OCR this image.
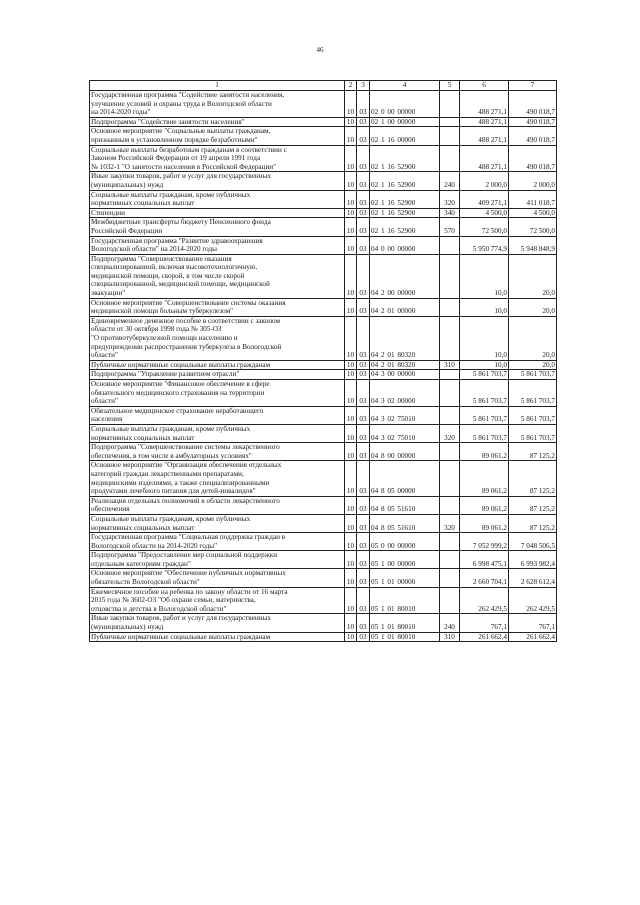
46
1	2	3	4	5	6	7
Государственная программа "Содействие занятости населения,
улучшение условий и охраны труда в Вологодской области
на 2014-2020 годы"	10	03	02 0 00 00000		488 271,1	490 018,7
Подпрограмма "Содействие занятости населения"	10	03	02 1 00 00000		488 271,1	490 018,7
Основное мероприятие "Социальные выплаты гражданам,
признанным в установленном порядке безработными"	10	03	02 1 16 00000		488 271,1	490 018,7
Социальные выплаты безработным гражданам в соответствии с
Законом Российской Федерации от 19 апреля 1991 года
№ 1032-1 "О занятости населения в Российской Федерации"	10	03	02 1 16 52900		488 271,1	490 018,7
Иные закупки товаров, работ и услуг для государственных
(муниципальных) нужд	10	03	02 1 16 52900	240	2 000,0	2 000,0
Социальные выплаты гражданам, кроме публичных
нормативных социальных выплат	10	03	02 1 16 52900	320	409 271,1	411 018,7
Стипендии	10	03	02 1 16 52900	340	4 500,0	4 500,0
Межбюджетные трансферты бюджету Пенсионного фонда
Российской Федерации	10	03	02 1 16 52900	570	72 500,0	72 500,0
Государственная программа "Развитие здравоохранения
Вологодской области" на 2014-2020 годы	10	03	04 0 00 00000		5 950 774,9	5 948 848,9
Подпрограмма "Совершенствование оказания
специализированной, включая высокотехнологичную,
медицинской помощи, скорой, в том числе скорой
специализированной, медицинской помощи, медицинской
эвакуации"	10	03	04 2 00 00000		10,0	20,0
Основное мероприятие "Совершенствование системы оказания
медицинской помощи больным туберкулезом"	10	03	04 2 01 00000		10,0	20,0
Единовременное денежное пособие в соответствии с законом
области от 30 октября 1998 года № 305-ОЗ
"О противотуберкулезной помощи населению и
предупреждении распространения туберкулеза в Вологодской
области"	10	03	04 2 01 80320		10,0	20,0
Публичные нормативные социальные выплаты гражданам	10	03	04 2 01 80320	310	10,0	20,0
Подпрограмма "Управление развитием отрасли"	10	03	04 3 00 00000		5 861 703,7	5 861 703,7
Основное мероприятие "Финансовое обеспечение в сфере
обязательного медицинского страхования на территории
области"	10	03	04 3 02 00000		5 861 703,7	5 861 703,7
Обязательное медицинское страхование неработающего
населения	10	03	04 3 02 75010		5 861 703,7	5 861 703,7
Социальные выплаты гражданам, кроме публичных
нормативных социальных выплат	10	03	04 3 02 75010	320	5 861 703,7	5 861 703,7
Подпрограмма "Совершенствование системы лекарственного
обеспечения, в том числе в амбулаторных условиях"	10	03	04 8 00 00000		89 061,2	87 125,2
Основное мероприятие "Организация обеспечения отдельных
категорий граждан лекарственными препаратами,
медицинскими изделиями, а также специализированными
продуктами лечебного питания для детей-инвалидов"	10	03	04 8 05 00000		89 061,2	87 125,2
Реализация отдельных полномочий в области лекарственного
обеспечения	10	03	04 8 05 51610		89 061,2	87 125,2
Социальные выплаты гражданам, кроме публичных
нормативных социальных выплат	10	03	04 8 05 51610	320	89 061,2	87 125,2
Государственная программа "Социальная поддержка граждан в
Вологодской области на 2014-2020 годы"	10	03	05 0 00 00000		7 052 999,2	7 048 506,5
Подпрограмма "Предоставление мер социальной поддержки
отдельным категориям граждан"	10	03	05 1 00 00000		6 998 475,1	6 993 982,4
Основное мероприятие "Обеспечение публичных нормативных
обязательств Вологодской области"	10	03	05 1 01 00000		2 660 704,1	2 628 612,4
Ежемесячное пособие на ребенка по закону области от 16 марта
2015 года № 3602-ОЗ "Об охране семьи, материнства,
отцовства и детства в Вологодской области"	10	03	05 1 01 80010		262 429,5	262 429,5
Иные закупки товаров, работ и услуг для государственных
(муниципальных) нужд	10	03	05 1 01 80010	240	767,1	767,1
Публичные нормативные социальные выплаты гражданам	10	03	05 1 01 80010	310	261 662,4	261 662,4
